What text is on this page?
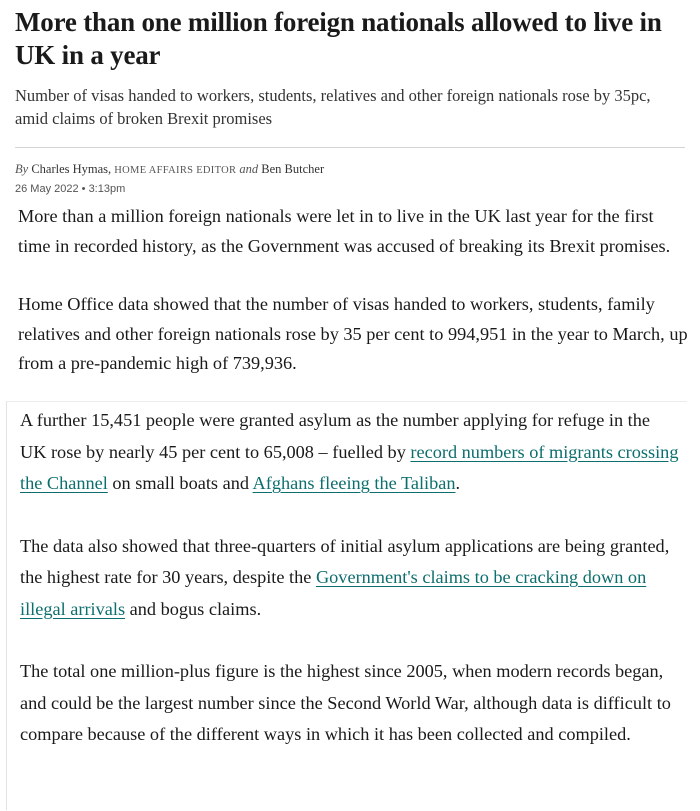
More than one million foreign nationals allowed to live in UK in a year

Number of visas handed to workers, students, relatives and other foreign nationals rose by 35pc, amid claims of broken Brexit promises

By Charles Hymas, HOME AFFAIRS EDITOR and Ben Butcher
26 May 2022 • 3:13pm

More than a million foreign nationals were let in to live in the UK last year for the first time in recorded history, as the Government was accused of breaking its Brexit promises.

Home Office data showed that the number of visas handed to workers, students, family relatives and other foreign nationals rose by 35 per cent to 994,951 in the year to March, up from a pre-pandemic high of 739,936.

A further 15,451 people were granted asylum as the number applying for refuge in the UK rose by nearly 45 per cent to 65,008 – fuelled by record numbers of migrants crossing the Channel on small boats and Afghans fleeing the Taliban.

The data also showed that three-quarters of initial asylum applications are being granted, the highest rate for 30 years, despite the Government's claims to be cracking down on illegal arrivals and bogus claims.

The total one million-plus figure is the highest since 2005, when modern records began, and could be the largest number since the Second World War, although data is difficult to compare because of the different ways in which it has been collected and compiled.
